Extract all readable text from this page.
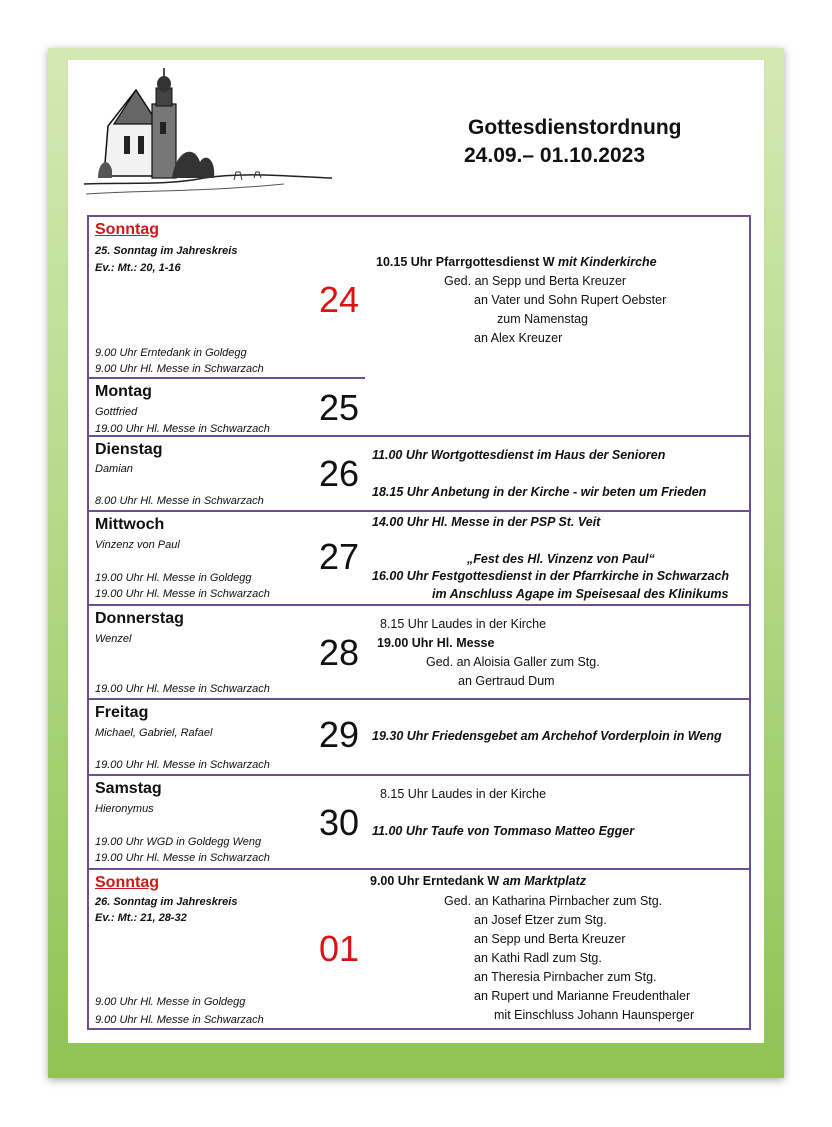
Gottesdienstordnung
24.09.– 01.10.2023
Sonntag
25. Sonntag im Jahreskreis
Ev.: Mt.: 20, 1-16
24
9.00 Uhr Erntedank in Goldegg
9.00 Uhr Hl. Messe in Schwarzach
10.15 Uhr Pfarrgottesdienst W mit Kinderkirche
Ged. an Sepp und Berta Kreuzer
an Vater und Sohn Rupert Oebster
zum Namenstag
an Alex Kreuzer
Montag
Gottfried	25
19.00 Uhr Hl. Messe in Schwarzach
Dienstag
Damian	26
8.00 Uhr Hl. Messe in Schwarzach
11.00 Uhr Wortgottesdienst im Haus der Senioren
18.15 Uhr Anbetung in der Kirche - wir beten um Frieden
Mittwoch
Vinzenz von Paul	27
19.00 Uhr Hl. Messe in Goldegg
19.00 Uhr Hl. Messe in Schwarzach
14.00 Uhr Hl. Messe in der PSP St. Veit
„Fest des Hl. Vinzenz von Paul“
16.00 Uhr Festgottesdienst in der Pfarrkirche in Schwarzach
im Anschluss Agape im Speisesaal des Klinikums
Donnerstag
Wenzel	28
19.00 Uhr Hl. Messe in Schwarzach
8.15 Uhr Laudes in der Kirche
19.00 Uhr Hl. Messe
Ged. an Aloisia Galler zum Stg.
an Gertraud Dum
Freitag
Michael, Gabriel, Rafael	29
19.00 Uhr Hl. Messe in Schwarzach
19.30 Uhr Friedensgebet am Archehof Vorderploin in Weng
Samstag
Hieronymus	30
19.00 Uhr WGD in Goldegg Weng
19.00 Uhr Hl. Messe in Schwarzach
8.15 Uhr Laudes in der Kirche
11.00 Uhr Taufe von Tommaso Matteo Egger
Sonntag
26. Sonntag im Jahreskreis
Ev.: Mt.: 21, 28-32
01
9.00 Uhr Hl. Messe in Goldegg
9.00 Uhr Hl. Messe in Schwarzach
9.00 Uhr Erntedank W am Marktplatz
Ged. an Katharina Pirnbacher zum Stg.
an Josef Etzer zum Stg.
an Sepp und Berta Kreuzer
an Kathi Radl zum Stg.
an Theresia Pirnbacher zum Stg.
an Rupert und Marianne Freudenthaler
mit Einschluss Johann Haunsperger
